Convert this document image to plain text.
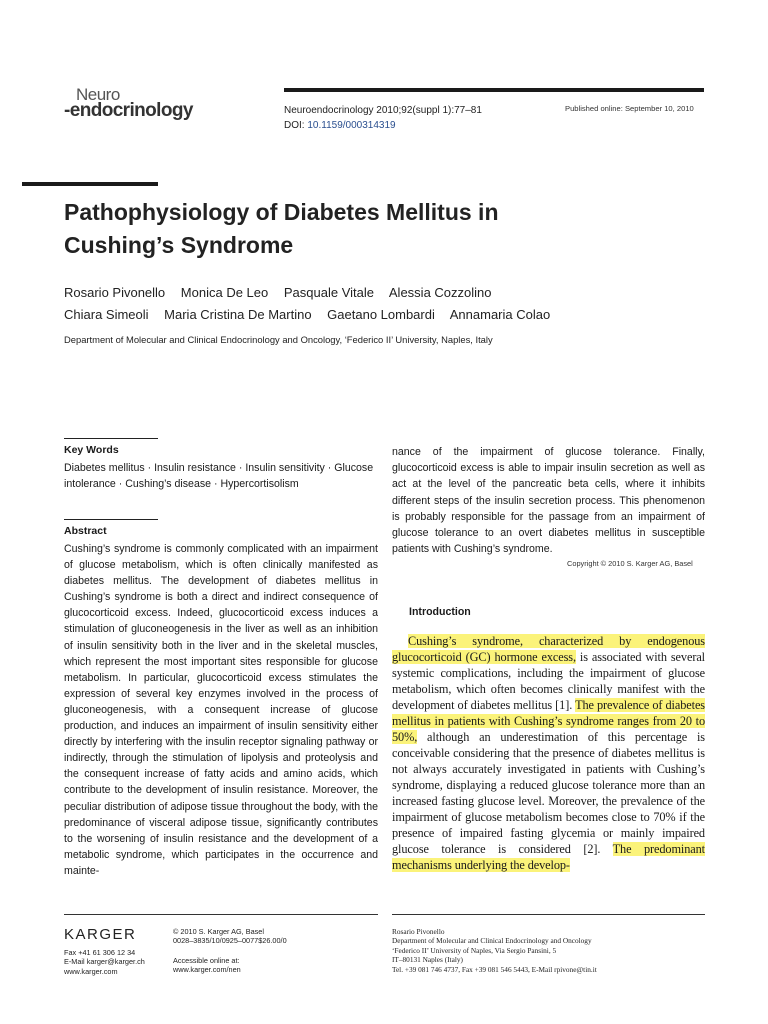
Neuro
-endocrinology	Neuroendocrinology 2010;92(suppl 1):77–81
DOI: 10.1159/000314319
Published online: September 10, 2010
Pathophysiology of Diabetes Mellitus in
Cushing’s Syndrome
Rosario Pivonello Monica De Leo Pasquale Vitale Alessia Cozzolino
Chiara Simeoli Maria Cristina De Martino Gaetano Lombardi Annamaria Colao
Department of Molecular and Clinical Endocrinology and Oncology, ‘Federico II’ University, Naples, Italy
Key Words
Diabetes mellitus · Insulin resistance · Insulin sensitivity · Glucose intolerance · Cushing’s disease · Hypercortisolism
Abstract

Cushing’s syndrome is commonly complicated with an impairment of glucose metabolism, which is often clinically manifested as diabetes mellitus. The development of diabetes mellitus in Cushing’s syndrome is both a direct and indirect consequence of glucocorticoid excess. Indeed, glucocorticoid excess induces a stimulation of gluconeogenesis in the liver as well as an inhibition of insulin sensitivity both in the liver and in the skeletal muscles, which represent the most important sites responsible for glucose metabolism. In particular, glucocorticoid excess stimulates the expression of several key enzymes involved in the process of gluconeogenesis, with a consequent increase of glucose production, and induces an impairment of insulin sensitivity either directly by interfering with the insulin receptor signaling pathway or indirectly, through the stimulation of lipolysis and proteolysis and the consequent increase of fatty acids and amino acids, which contribute to the development of insulin resistance. Moreover, the peculiar distribution of adipose tissue throughout the body, with the predominance of visceral adipose tissue, significantly contributes to the worsening of insulin resistance and the development of a metabolic syndrome, which participates in the occurrence and mainte-

nance of the impairment of glucose tolerance. Finally, glucocorticoid excess is able to impair insulin secretion as well as act at the level of the pancreatic beta cells, where it inhibits different steps of the insulin secretion process. This phenomenon is probably responsible for the passage from an impairment of glucose tolerance to an overt diabetes mellitus in susceptible patients with Cushing’s syndrome.

Copyright © 2010 S. Karger AG, Basel
Introduction

Cushing’s syndrome, characterized by endogenous glucocorticoid (GC) hormone excess, is associated with several systemic complications, including the impairment of glucose metabolism, which often becomes clinically manifest with the development of diabetes mellitus [1]. The prevalence of diabetes mellitus in patients with Cushing’s syndrome ranges from 20 to 50%, although an underestimation of this percentage is conceivable considering that the presence of diabetes mellitus is not always accurately investigated in patients with Cushing’s syndrome, displaying a reduced glucose tolerance more than an increased fasting glucose level. Moreover, the prevalence of the impairment of glucose metabolism becomes close to 70% if the presence of impaired fasting glycemia or mainly impaired glucose tolerance is considered [2]. The predominant mechanisms underlying the develop-

KARGER
Fax +41 61 306 12 34
E-Mail karger@karger.ch
www.karger.com
© 2010 S. Karger AG, Basel
0028–3835/10/0925–0077$26.00/0
Accessible online at:
www.karger.com/nen
Rosario Pivonello
Department of Molecular and Clinical Endocrinology and Oncology
‘Federico II’ University of Naples, Via Sergio Pansini, 5
IT–80131 Naples (Italy)
Tel. +39 081 746 4737, Fax +39 081 546 5443, E-Mail rpivone@tin.it
